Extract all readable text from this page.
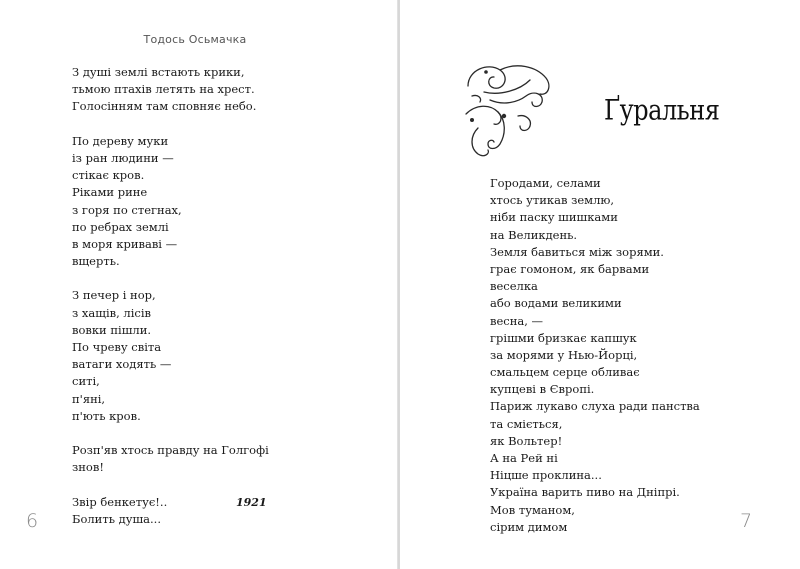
Тодось Осьмачка
З душі землі встають крики,
тьмою птахів летять на хрест.
Голосінням там сповняє небо.
По дереву муки
із ран людини —
стікає кров.
Ріками рине
з горя по стегнах,
по ребрах землі
в моря криваві —
вщерть.
З печер і нор,
з хащів, лісів
вовки пішли.
По чреву світа
ватаги ходять —
ситі,
п'яні,
п'ють кров.
Розп'яв хтось правду на Голгофі
знов!
Звір бенкетує!..
Болить душа...
1921
6
Ґуральня
Городами, селами
хтось утикав землю,
ніби паску шишками
на Великдень.
Земля бавиться між зорями.
грає гомоном, як барвами
веселка
або водами великими
весна, —
грішми бризкає капшук
за морями у Нью-Йорці,
смальцем серце обливає
купцеві в Європі.
Париж лукаво слуха ради панства
та сміється,
як Вольтер!
А на Рей ні
Ніцше проклина...
Україна варить пиво на Дніпрі.
Мов туманом,
сірим димом	7
